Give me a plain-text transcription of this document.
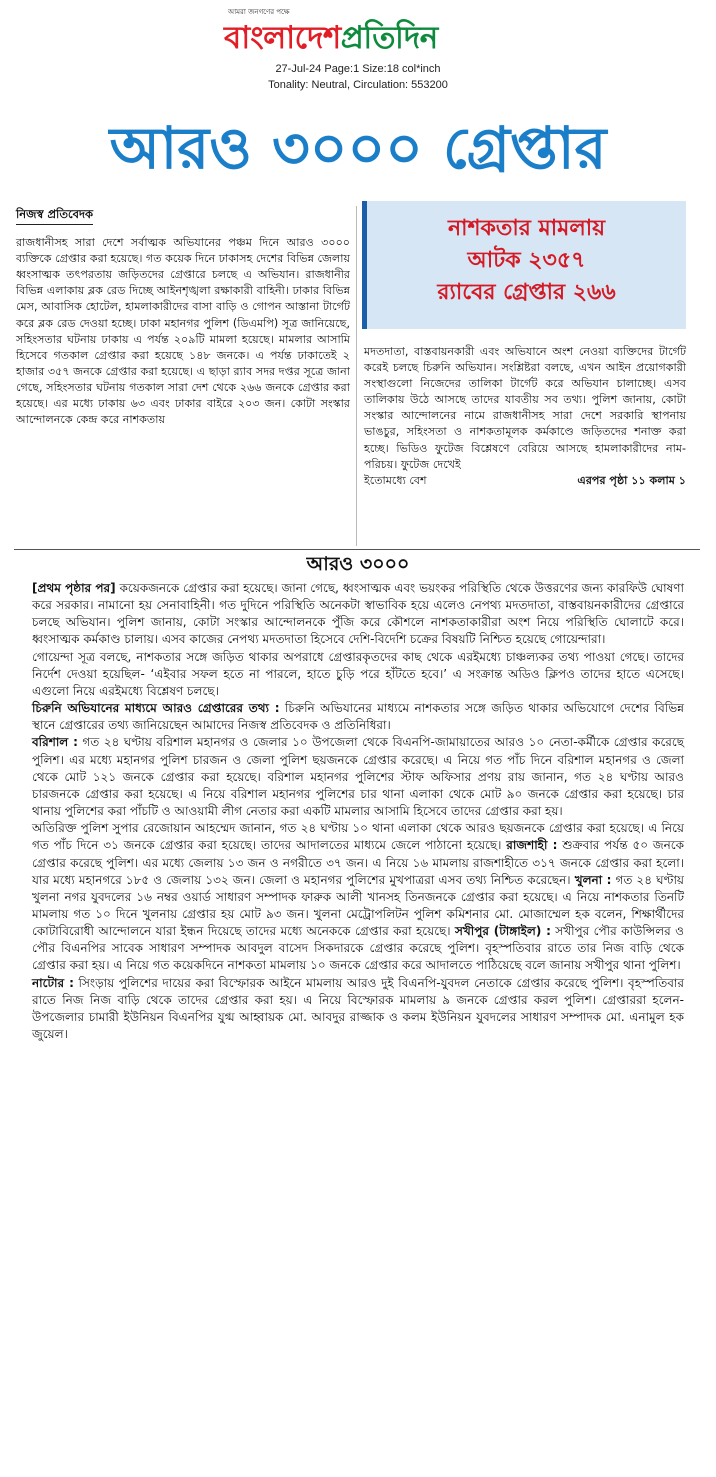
আমরা জনগণের পক্ষে
বাংলাদেশপ্রতিদিন
27-Jul-24 Page:1 Size:18 col*inch
Tonality: Neutral, Circulation: 553200
আরও ৩০০০ গ্রেপ্তার
নিজস্ব প্রতিবেদক
রাজধানীসহ সারা দেশে সর্বাত্মক অভিযানের পঞ্চম দিনে আরও ৩০০০ ব্যক্তিকে গ্রেপ্তার করা হয়েছে। গত কয়েক দিনে ঢাকাসহ দেশের বিভিন্ন জেলায় ধ্বংসাত্মক তৎপরতায় জড়িতদের গ্রেপ্তারে চলছে এ অভিযান। রাজধানীর বিভিন্ন এলাকায় ব্লক রেড দিচ্ছে আইনশৃঙ্খলা রক্ষাকারী বাহিনী। ঢাকার বিভিন্ন মেস, আবাসিক হোটেল, হামলাকারীদের বাসা বাড়ি ও গোপন আস্তানা টার্গেট করে ব্লক রেড দেওয়া হচ্ছে। ঢাকা মহানগর পুলিশ (ডিএমপি) সূত্র জানিয়েছে, সহিংসতার ঘটনায় ঢাকায় এ পর্যন্ত ২০৯টি মামলা হয়েছে। মামলার আসামি হিসেবে গতকাল গ্রেপ্তার করা হয়েছে ১৪৮ জনকে। এ পর্যন্ত ঢাকাতেই ২ হাজার ৩৫৭ জনকে গ্রেপ্তার করা হয়েছে। এ ছাড়া র‌্যাব সদর দপ্তর সূত্রে জানা গেছে, সহিংসতার ঘটনায় গতকাল সারা দেশ থেকে ২৬৬ জনকে গ্রেপ্তার করা হয়েছে। এর মধ্যে ঢাকায় ৬৩ এবং ঢাকার বাইরে ২০৩ জন। কোটা সংস্কার আন্দোলনকে কেন্দ্র করে নাশকতায়
নাশকতার মামলায়
আটক ২৩৫৭
র‌্যাবের গ্রেপ্তার ২৬৬
মদতদাতা, বাস্তবায়নকারী এবং অভিযানে অংশ নেওয়া ব্যক্তিদের টার্গেট করেই চলছে চিরুনি অভিযান। সংশ্লিষ্টরা বলছে, এখন আইন প্রয়োগকারী সংস্থাগুলো নিজেদের তালিকা টার্গেট করে অভিযান চালাচ্ছে। এসব তালিকায় উঠে আসছে তাদের যাবতীয় সব তথ্য। পুলিশ জানায়, কোটা সংস্কার আন্দোলনের নামে রাজধানীসহ সারা দেশে সরকারি স্থাপনায় ভাঙচুর, সহিংসতা ও নাশকতামূলক কর্মকাণ্ডে জড়িতদের শনাক্ত করা হচ্ছে। ভিডিও ফুটেজ বিশ্লেষণে বেরিয়ে আসছে হামলাকারীদের নাম-পরিচয়। ফুটেজ দেখেই
ইতোমধ্যে বেশ	এরপর পৃষ্ঠা ১১ কলাম ১
আরও ৩০০০

[প্রথম পৃষ্ঠার পর] কয়েকজনকে গ্রেপ্তার করা হয়েছে। জানা গেছে, ধ্বংসাত্মক এবং ভয়ংকর পরিস্থিতি থেকে উত্তরণের জন্য কারফিউ ঘোষণা করে সরকার। নামানো হয় সেনাবাহিনী। গত দুদিনে পরিস্থিতি অনেকটা স্বাভাবিক হয়ে এলেও নেপথ্য মদতদাতা, বাস্তবায়নকারীদের গ্রেপ্তারে চলছে অভিযান। পুলিশ জানায়, কোটা সংস্কার আন্দোলনকে পুঁজি করে কৌশলে নাশকতাকারীরা অংশ নিয়ে পরিস্থিতি ঘোলাটে করে। ধ্বংসাত্মক কর্মকাণ্ড চালায়। এসব কাজের নেপথ্য মদতদাতা হিসেবে দেশি-বিদেশি চক্রের বিষয়টি নিশ্চিত হয়েছে গোয়েন্দারা।

গোয়েন্দা সূত্র বলছে, নাশকতার সঙ্গে জড়িত থাকার অপরাধে গ্রেপ্তারকৃতদের কাছ থেকে এরইমধ্যে চাঞ্চল্যকর তথ্য পাওয়া গেছে। তাদের নির্দেশ দেওয়া হয়েছিল- ‘এইবার সফল হতে না পারলে, হাতে চুড়ি পরে হাঁটতে হবে।’ এ সংক্রান্ত অডিও ক্লিপও তাদের হাতে এসেছে। এগুলো নিয়ে এরইমধ্যে বিশ্লেষণ চলছে।

চিরুনি অভিযানের মাধ্যমে আরও গ্রেপ্তারের তথ্য : চিরুনি অভিযানের মাধ্যমে নাশকতার সঙ্গে জড়িত থাকার অভিযোগে দেশের বিভিন্ন স্থানে গ্রেপ্তারের তথ্য জানিয়েছেন আমাদের নিজস্ব প্রতিবেদক ও প্রতিনিধিরা।

বরিশাল : গত ২৪ ঘণ্টায় বরিশাল মহানগর ও জেলার ১০ উপজেলা থেকে বিএনপি-জামায়াতের আরও ১০ নেতা-কর্মীকে গ্রেপ্তার করেছে পুলিশ। এর মধ্যে মহানগর পুলিশ চারজন ও জেলা পুলিশ ছয়জনকে গ্রেপ্তার করেছে। এ নিয়ে গত পাঁচ দিনে বরিশাল মহানগর ও জেলা থেকে মোট ১২১ জনকে গ্রেপ্তার করা হয়েছে। বরিশাল মহানগর পুলিশের স্টাফ অফিসার প্রণয় রায় জানান, গত ২৪ ঘণ্টায় আরও চারজনকে গ্রেপ্তার করা হয়েছে। এ নিয়ে বরিশাল মহানগর পুলিশের চার থানা এলাকা থেকে মোট ৯০ জনকে গ্রেপ্তার করা হয়েছে। চার থানায় পুলিশের করা পাঁচটি ও আওয়ামী লীগ নেতার করা একটি মামলার আসামি হিসেবে তাদের গ্রেপ্তার করা হয়।

অতিরিক্ত পুলিশ সুপার রেজোয়ান আহম্মেদ জানান, গত ২৪ ঘণ্টায় ১০ থানা এলাকা থেকে আরও ছয়জনকে গ্রেপ্তার করা হয়েছে। এ নিয়ে গত পাঁচ দিনে ৩১ জনকে গ্রেপ্তার করা হয়েছে। তাদের আদালতের মাধ্যমে জেলে পাঠানো হয়েছে। রাজশাহী : শুক্রবার পর্যন্ত ৫০ জনকে গ্রেপ্তার করেছে পুলিশ। এর মধ্যে জেলায় ১৩ জন ও নগরীতে ৩৭ জন। এ নিয়ে ১৬ মামলায় রাজশাহীতে ৩১৭ জনকে গ্রেপ্তার করা হলো। যার মধ্যে মহানগরে ১৮৫ ও জেলায় ১৩২ জন। জেলা ও মহানগর পুলিশের মুখপাত্ররা এসব তথ্য নিশ্চিত করেছেন। খুলনা : গত ২৪ ঘণ্টায় খুলনা নগর যুবদলের ১৬ নম্বর ওয়ার্ড সাধারণ সম্পাদক ফারুক আলী খানসহ তিনজনকে গ্রেপ্তার করা হয়েছে। এ নিয়ে নাশকতার তিনটি মামলায় গত ১০ দিনে খুলনায় গ্রেপ্তার হয় মোট ৯৩ জন। খুলনা মেট্রোপলিটন পুলিশ কমিশনার মো. মোজাম্মেল হক বলেন, শিক্ষার্থীদের কোটাবিরোধী আন্দোলনে যারা ইন্ধন দিয়েছে তাদের মধ্যে অনেককে গ্রেপ্তার করা হয়েছে। সখীপুর (টাঙ্গাইল) : সখীপুর পৌর কাউন্সিলর ও পৌর বিএনপির সাবেক সাধারণ সম্পাদক আবদুল বাসেদ সিকদারকে গ্রেপ্তার করেছে পুলিশ। বৃহস্পতিবার রাতে তার নিজ বাড়ি থেকে গ্রেপ্তার করা হয়। এ নিয়ে গত কয়েকদিনে নাশকতা মামলায় ১০ জনকে গ্রেপ্তার করে আদালতে পাঠিয়েছে বলে জানায় সখীপুর থানা পুলিশ।

নাটোর : সিংড়ায় পুলিশের দায়ের করা বিস্ফোরক আইনে মামলায় আরও দুই বিএনপি-যুবদল নেতাকে গ্রেপ্তার করেছে পুলিশ। বৃহস্পতিবার রাতে নিজ নিজ বাড়ি থেকে তাদের গ্রেপ্তার করা হয়। এ নিয়ে বিস্ফোরক মামলায় ৯ জনকে গ্রেপ্তার করল পুলিশ। গ্রেপ্তাররা হলেন- উপজেলার চামারী ইউনিয়ন বিএনপির যুগ্ম আহ্বায়ক মো. আবদুর রাজ্জাক ও কলম ইউনিয়ন যুবদলের সাধারণ সম্পাদক মো. এনামুল হক জুয়েল।
